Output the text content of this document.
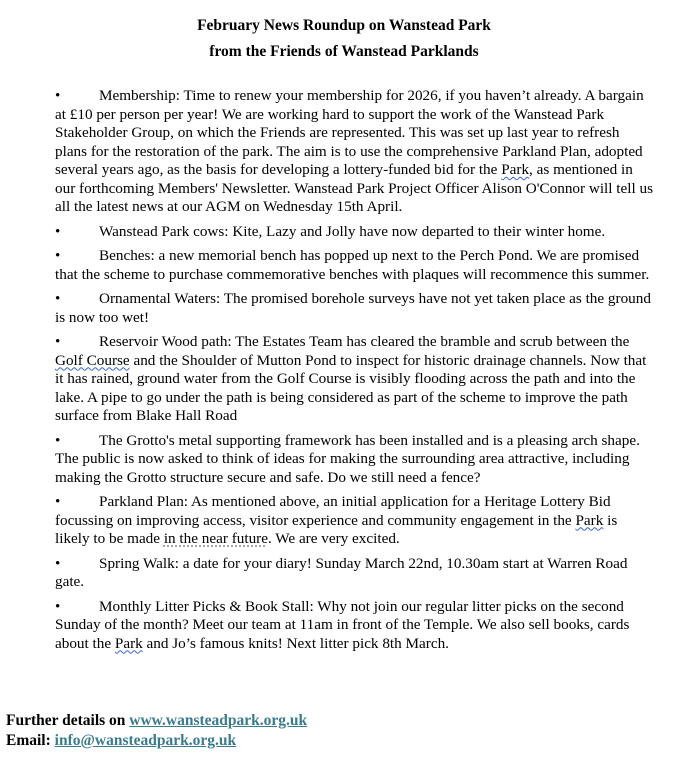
February News Roundup on Wanstead Park
from the Friends of Wanstead Parklands
•	Membership: Time to renew your membership for 2026, if you haven’t already. A bargain at £10 per person per year! We are working hard to support the work of the Wanstead Park Stakeholder Group, on which the Friends are represented. This was set up last year to refresh plans for the restoration of the park. The aim is to use the comprehensive Parkland Plan, adopted several years ago, as the basis for developing a lottery-funded bid for the Park, as mentioned in our forthcoming Members' Newsletter. Wanstead Park Project Officer Alison O'Connor will tell us all the latest news at our AGM on Wednesday 15th April.
•	Wanstead Park cows: Kite, Lazy and Jolly have now departed to their winter home.
•	Benches: a new memorial bench has popped up next to the Perch Pond. We are promised that the scheme to purchase commemorative benches with plaques will recommence this summer.
•	Ornamental Waters: The promised borehole surveys have not yet taken place as the ground is now too wet!
•	Reservoir Wood path: The Estates Team has cleared the bramble and scrub between the Golf Course and the Shoulder of Mutton Pond to inspect for historic drainage channels. Now that it has rained, ground water from the Golf Course is visibly flooding across the path and into the lake. A pipe to go under the path is being considered as part of the scheme to improve the path surface from Blake Hall Road
•	The Grotto's metal supporting framework has been installed and is a pleasing arch shape. The public is now asked to think of ideas for making the surrounding area attractive, including making the Grotto structure secure and safe. Do we still need a fence?
•	Parkland Plan: As mentioned above, an initial application for a Heritage Lottery Bid focussing on improving access, visitor experience and community engagement in the Park is likely to be made in the near future. We are very excited.
•	Spring Walk: a date for your diary! Sunday March 22nd, 10.30am start at Warren Road gate.
•	Monthly Litter Picks & Book Stall: Why not join our regular litter picks on the second Sunday of the month? Meet our team at 11am in front of the Temple. We also sell books, cards about the Park and Jo’s famous knits! Next litter pick 8th March.
Further details on www.wansteadpark.org.uk
Email: info@wansteadpark.org.uk
